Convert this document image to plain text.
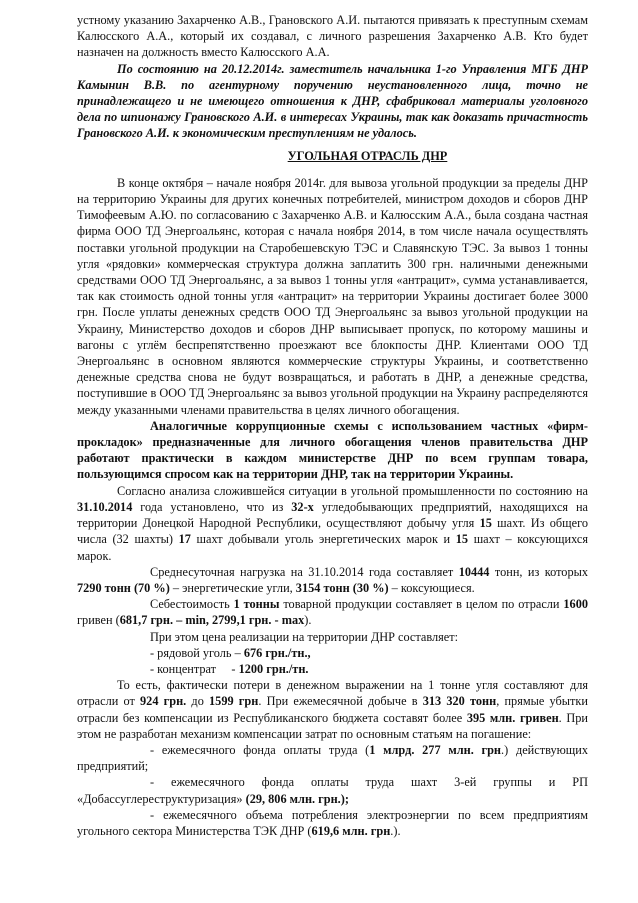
устному указанию Захарченко А.В., Грановского А.И. пытаются привязать к преступным схемам Калюсского А.А., который их создавал, с личного разрешения Захарченко А.В. Кто будет назначен на должность вместо Калюсского А.А.

По состоянию на 20.12.2014г. заместитель начальника 1-го Управления МГБ ДНР Камынин В.В. по агентурному поручению неустановленного лица, точно не принадлежащего и не имеющего отношения к ДНР, сфабриковал материалы уголовного дела по шпионажу Грановского А.И. в интересах Украины, так как доказать причастность Грановского А.И. к экономическим преступлениям не удалось.

УГОЛЬНАЯ ОТРАСЛЬ ДНР

В конце октября – начале ноября 2014г. для вывоза угольной продукции за пределы ДНР на территорию Украины для других конечных потребителей, министром доходов и сборов ДНР Тимофеевым А.Ю. по согласованию с Захарченко А.В. и Калюсским А.А., была создана частная фирма ООО ТД Энергоальянс, которая с начала ноября 2014, в том числе начала осуществлять поставки угольной продукции на Старобешевскую ТЭС и Славянскую ТЭС. За вывоз 1 тонны угля «рядовки» коммерческая структура должна заплатить 300 грн. наличными денежными средствами ООО ТД Энергоальянс, а за вывоз 1 тонны угля «антрацит», сумма устанавливается, так как стоимость одной тонны угля «антрацит» на территории Украины достигает более 3000 грн. После уплаты денежных средств ООО ТД Энергоальянс за вывоз угольной продукции на Украину, Министерство доходов и сборов ДНР выписывает пропуск, по которому машины и вагоны с углём беспрепятственно проезжают все блокпосты ДНР. Клиентами ООО ТД Энергоальянс в основном являются коммерческие структуры Украины, и соответственно денежные средства снова не будут возвращаться, и работать в ДНР, а денежные средства, поступившие в ООО ТД Энергоальянс за вывоз угольной продукции на Украину распределяются между указанными членами правительства в целях личного обогащения.

Аналогичные коррупционные схемы с использованием частных «фирм-прокладок» предназначенные для личного обогащения членов правительства ДНР работают практически в каждом министерстве ДНР по всем группам товара, пользующимся спросом как на территории ДНР, так на территории Украины.

Согласно анализа сложившейся ситуации в угольной промышленности по состоянию на 31.10.2014 года установлено, что из 32-х угледобывающих предприятий, находящихся на территории Донецкой Народной Республики, осуществляют добычу угля 15 шахт. Из общего числа (32 шахты) 17 шахт добывали уголь энергетических марок и 15 шахт – коксующихся марок.

Среднесуточная нагрузка на 31.10.2014 года составляет 10444 тонн, из которых 7290 тонн (70 %) – энергетические угли, 3154 тонн (30 %) – коксующиеся.

Себестоимость 1 тонны товарной продукции составляет в целом по отрасли 1600 гривен (681,7 грн. – min, 2799,1 грн. - max).

При этом цена реализации на территории ДНР составляет:

- рядовой уголь – 676 грн./тн.,

- концентрат     - 1200 грн./тн.

То есть, фактически потери в денежном выражении на 1 тонне угля составляют для отрасли от 924 грн. до 1599 грн. При ежемесячной добыче в 313 320 тонн, прямые убытки отрасли без компенсации из Республиканского бюджета составят более 395 млн. гривен. При этом не разработан механизм компенсации затрат по основным статьям на погашение:

- ежемесячного фонда оплаты труда (1 млрд. 277 млн. грн.) действующих предприятий;

- ежемесячного фонда оплаты труда шахт 3-ей группы и РП «Добассуглереструктуризация» (29, 806 млн. грн.);

- ежемесячного объема потребления электроэнергии по всем предприятиям угольного сектора Министерства ТЭК ДНР (619,6 млн. грн.).
